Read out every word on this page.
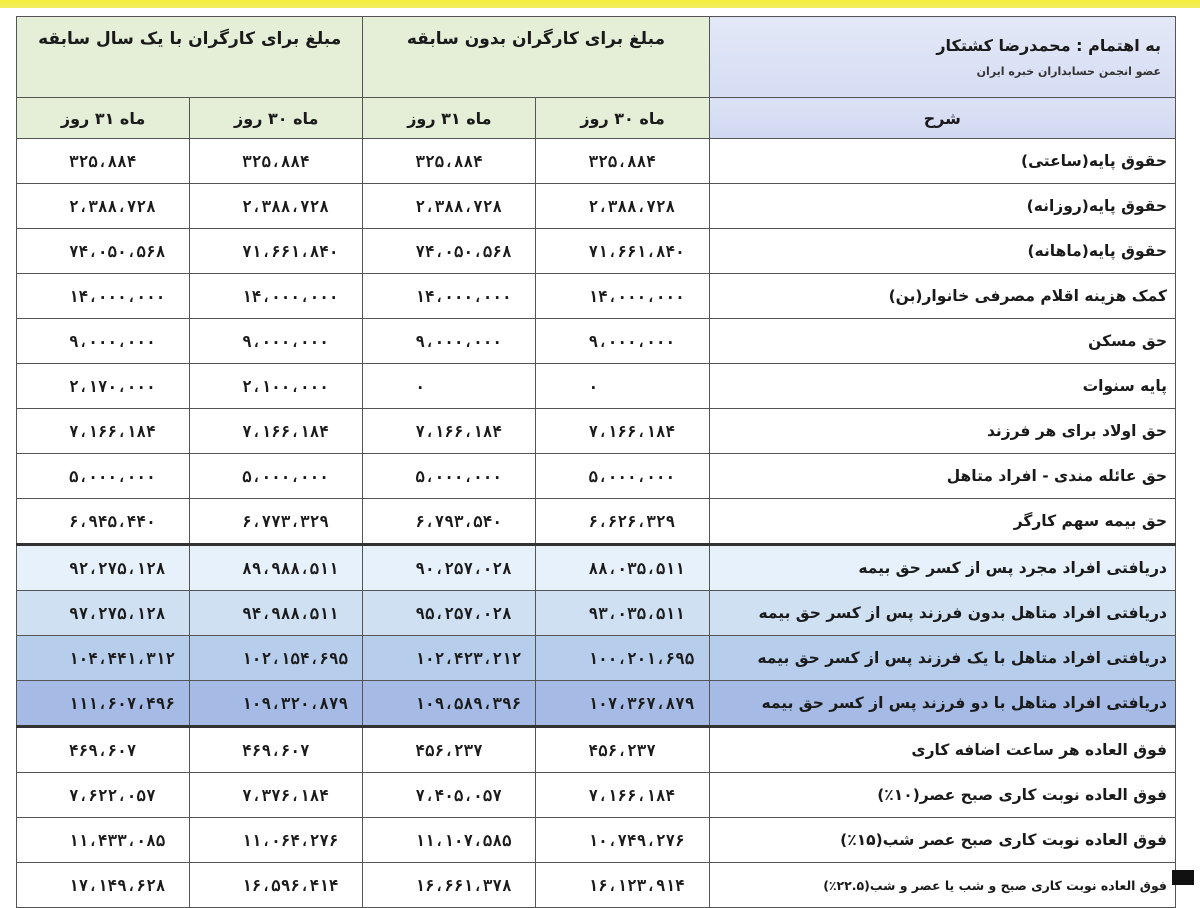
به اهتمام : محمدرضا کشتکار
عضو انجمن حسابداران خبره ایران	مبلغ برای کارگران بدون سابقه		مبلغ برای کارگران با یک سال سابقه	
شرح	ماه ۳۰ روز	ماه ۳۱ روز	ماه ۳۰ روز	ماه ۳۱ روز
حقوق پایه(ساعتی)	۳۲۵،۸۸۴	۳۲۵،۸۸۴	۳۲۵،۸۸۴	۳۲۵،۸۸۴
حقوق پایه(روزانه)	۲،۳۸۸،۷۲۸	۲،۳۸۸،۷۲۸	۲،۳۸۸،۷۲۸	۲،۳۸۸،۷۲۸
حقوق پایه(ماهانه)	۷۱،۶۶۱،۸۴۰	۷۴،۰۵۰،۵۶۸	۷۱،۶۶۱،۸۴۰	۷۴،۰۵۰،۵۶۸
کمک هزینه اقلام مصرفی خانوار(بن)	۱۴،۰۰۰،۰۰۰	۱۴،۰۰۰،۰۰۰	۱۴،۰۰۰،۰۰۰	۱۴،۰۰۰،۰۰۰
حق مسکن	۹،۰۰۰،۰۰۰	۹،۰۰۰،۰۰۰	۹،۰۰۰،۰۰۰	۹،۰۰۰،۰۰۰
پایه سنوات	۰	۰	۲،۱۰۰،۰۰۰	۲،۱۷۰،۰۰۰
حق اولاد برای هر فرزند	۷،۱۶۶،۱۸۴	۷،۱۶۶،۱۸۴	۷،۱۶۶،۱۸۴	۷،۱۶۶،۱۸۴
حق عائله مندی - افراد متاهل	۵،۰۰۰،۰۰۰	۵،۰۰۰،۰۰۰	۵،۰۰۰،۰۰۰	۵،۰۰۰،۰۰۰
حق بیمه سهم کارگر	۶،۶۲۶،۳۲۹	۶،۷۹۳،۵۴۰	۶،۷۷۳،۳۲۹	۶،۹۴۵،۴۴۰
دریافتی افراد مجرد پس از کسر حق بیمه	۸۸،۰۳۵،۵۱۱	۹۰،۲۵۷،۰۲۸	۸۹،۹۸۸،۵۱۱	۹۲،۲۷۵،۱۲۸
دریافتی افراد متاهل بدون فرزند پس از کسر حق بیمه	۹۳،۰۳۵،۵۱۱	۹۵،۲۵۷،۰۲۸	۹۴،۹۸۸،۵۱۱	۹۷،۲۷۵،۱۲۸
دریافتی افراد متاهل با یک فرزند پس از کسر حق بیمه	۱۰۰،۲۰۱،۶۹۵	۱۰۲،۴۲۳،۲۱۲	۱۰۲،۱۵۴،۶۹۵	۱۰۴،۴۴۱،۳۱۲
دریافتی افراد متاهل با دو فرزند پس از کسر حق بیمه	۱۰۷،۳۶۷،۸۷۹	۱۰۹،۵۸۹،۳۹۶	۱۰۹،۳۲۰،۸۷۹	۱۱۱،۶۰۷،۴۹۶
فوق العاده هر ساعت اضافه کاری	۴۵۶،۲۳۷	۴۵۶،۲۳۷	۴۶۹،۶۰۷	۴۶۹،۶۰۷
فوق العاده نوبت کاری صبح عصر(۱۰٪)	۷،۱۶۶،۱۸۴	۷،۴۰۵،۰۵۷	۷،۳۷۶،۱۸۴	۷،۶۲۲،۰۵۷
فوق العاده نوبت کاری صبح عصر شب(۱۵٪)	۱۰،۷۴۹،۲۷۶	۱۱،۱۰۷،۵۸۵	۱۱،۰۶۴،۲۷۶	۱۱،۴۳۳،۰۸۵
فوق العاده نوبت کاری صبح و شب یا عصر و شب(۲۲.۵٪)	۱۶،۱۲۳،۹۱۴	۱۶،۶۶۱،۳۷۸	۱۶،۵۹۶،۴۱۴	۱۷،۱۴۹،۶۲۸
